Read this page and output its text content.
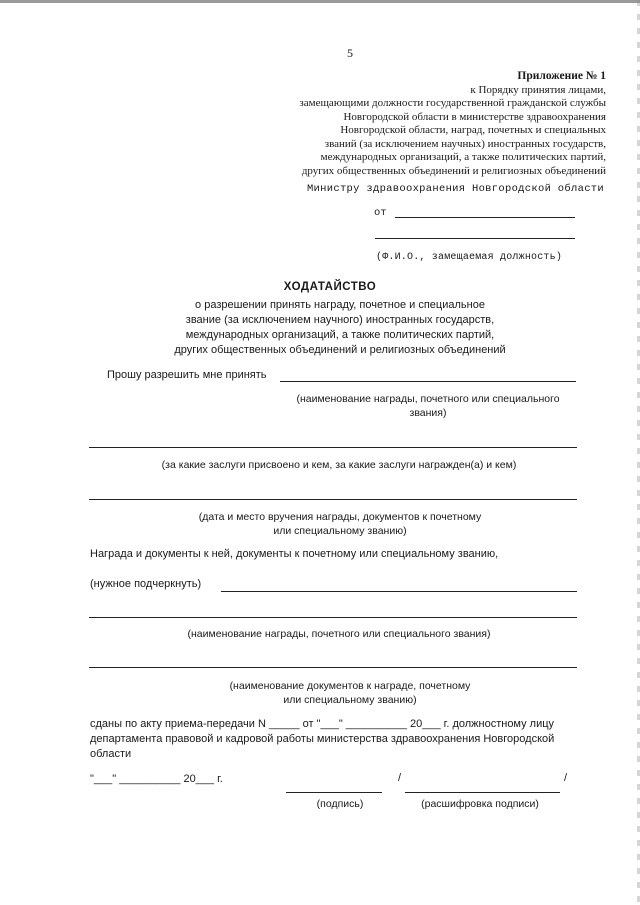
5
Приложение № 1
к Порядку принятия лицами,
замещающими должности государственной гражданской службы
Новгородской области в министерстве здравоохранения
Новгородской области, наград, почетных и специальных
званий (за исключением научных) иностранных государств,
международных организаций, а также политических партий,
других общественных объединений и религиозных объединений
Министру здравоохранения Новгородской области
от
(Ф.И.О., замещаемая должность)
ХОДАТАЙСТВО
о разрешении принять награду, почетное и специальное
звание (за исключением научного) иностранных государств,
международных организаций, а также политических партий,
других общественных объединений и религиозных объединений
Прошу разрешить мне принять
(наименование награды, почетного или специального
звания)
(за какие заслуги присвоено и кем, за какие заслуги награжден(а) и кем)
(дата и место вручения награды, документов к почетному
или специальному званию)
Награда и документы к ней, документы к почетному или специальному званию,
(нужное подчеркнуть)
(наименование награды, почетного или специального звания)
(наименование документов к награде, почетному
или специальному званию)
сданы по акту приема-передачи N _____ от "___" __________ 20___ г. должностному лицу
департамента правовой и кадровой работы министерства здравоохранения Новгородской
области
"___" __________ 20___ г.	/	/
(подпись)	(расшифровка подписи)
